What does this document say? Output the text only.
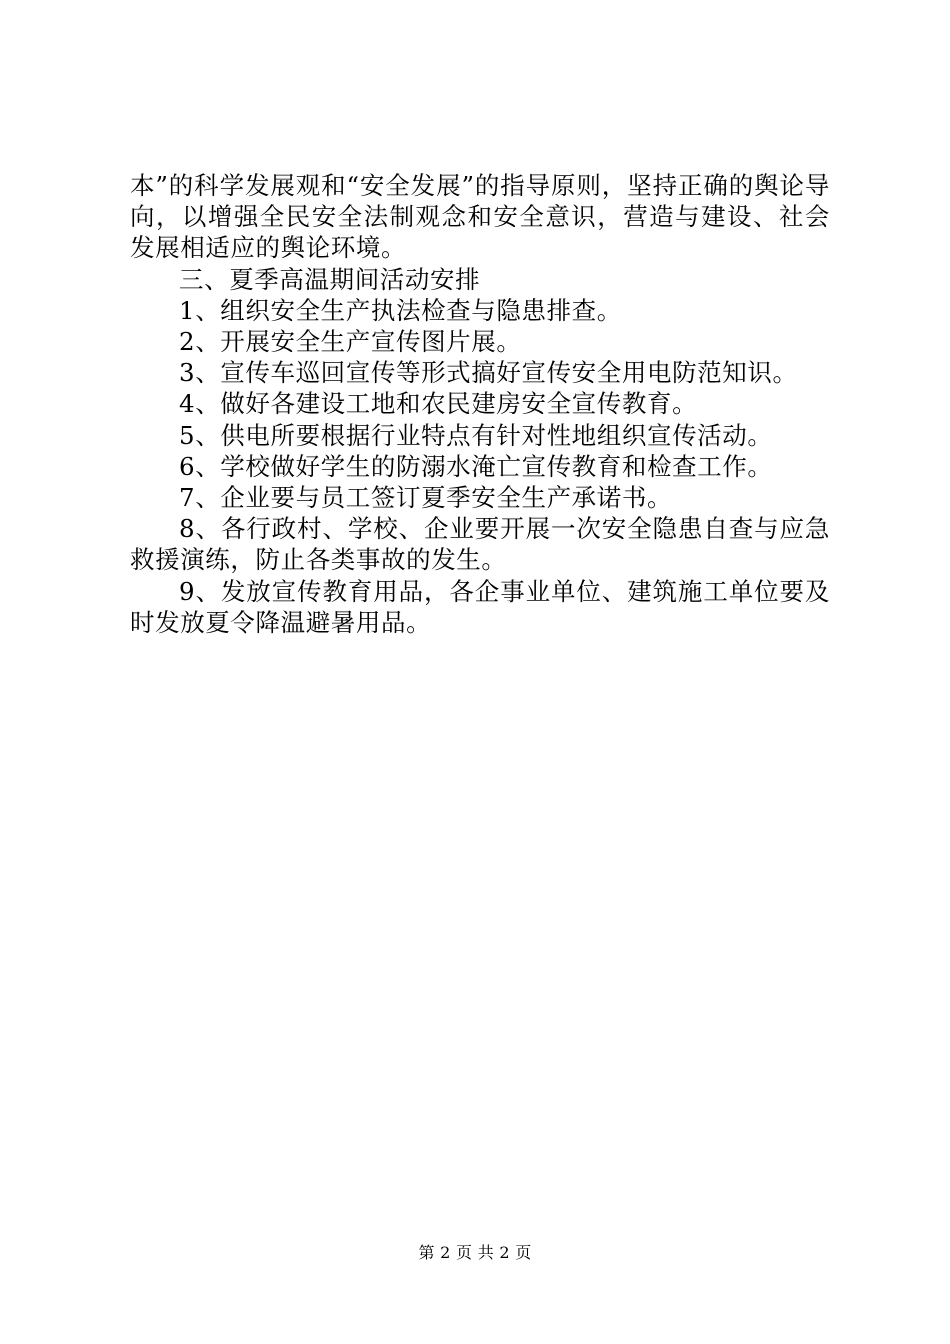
本”的科学发展观和“安全发展”的指导原则，坚持正确的舆论导向，以增强全民安全法制观念和安全意识，营造与建设、社会发展相适应的舆论环境。

三、夏季高温期间活动安排

1、组织安全生产执法检查与隐患排查。

2、开展安全生产宣传图片展。

3、宣传车巡回宣传等形式搞好宣传安全用电防范知识。

4、做好各建设工地和农民建房安全宣传教育。

5、供电所要根据行业特点有针对性地组织宣传活动。

6、学校做好学生的防溺水淹亡宣传教育和检查工作。

7、企业要与员工签订夏季安全生产承诺书。

8、各行政村、学校、企业要开展一次安全隐患自查与应急救援演练，防止各类事故的发生。

9、发放宣传教育用品，各企事业单位、建筑施工单位要及时发放夏令降温避暑用品。

第 2 页 共 2 页
